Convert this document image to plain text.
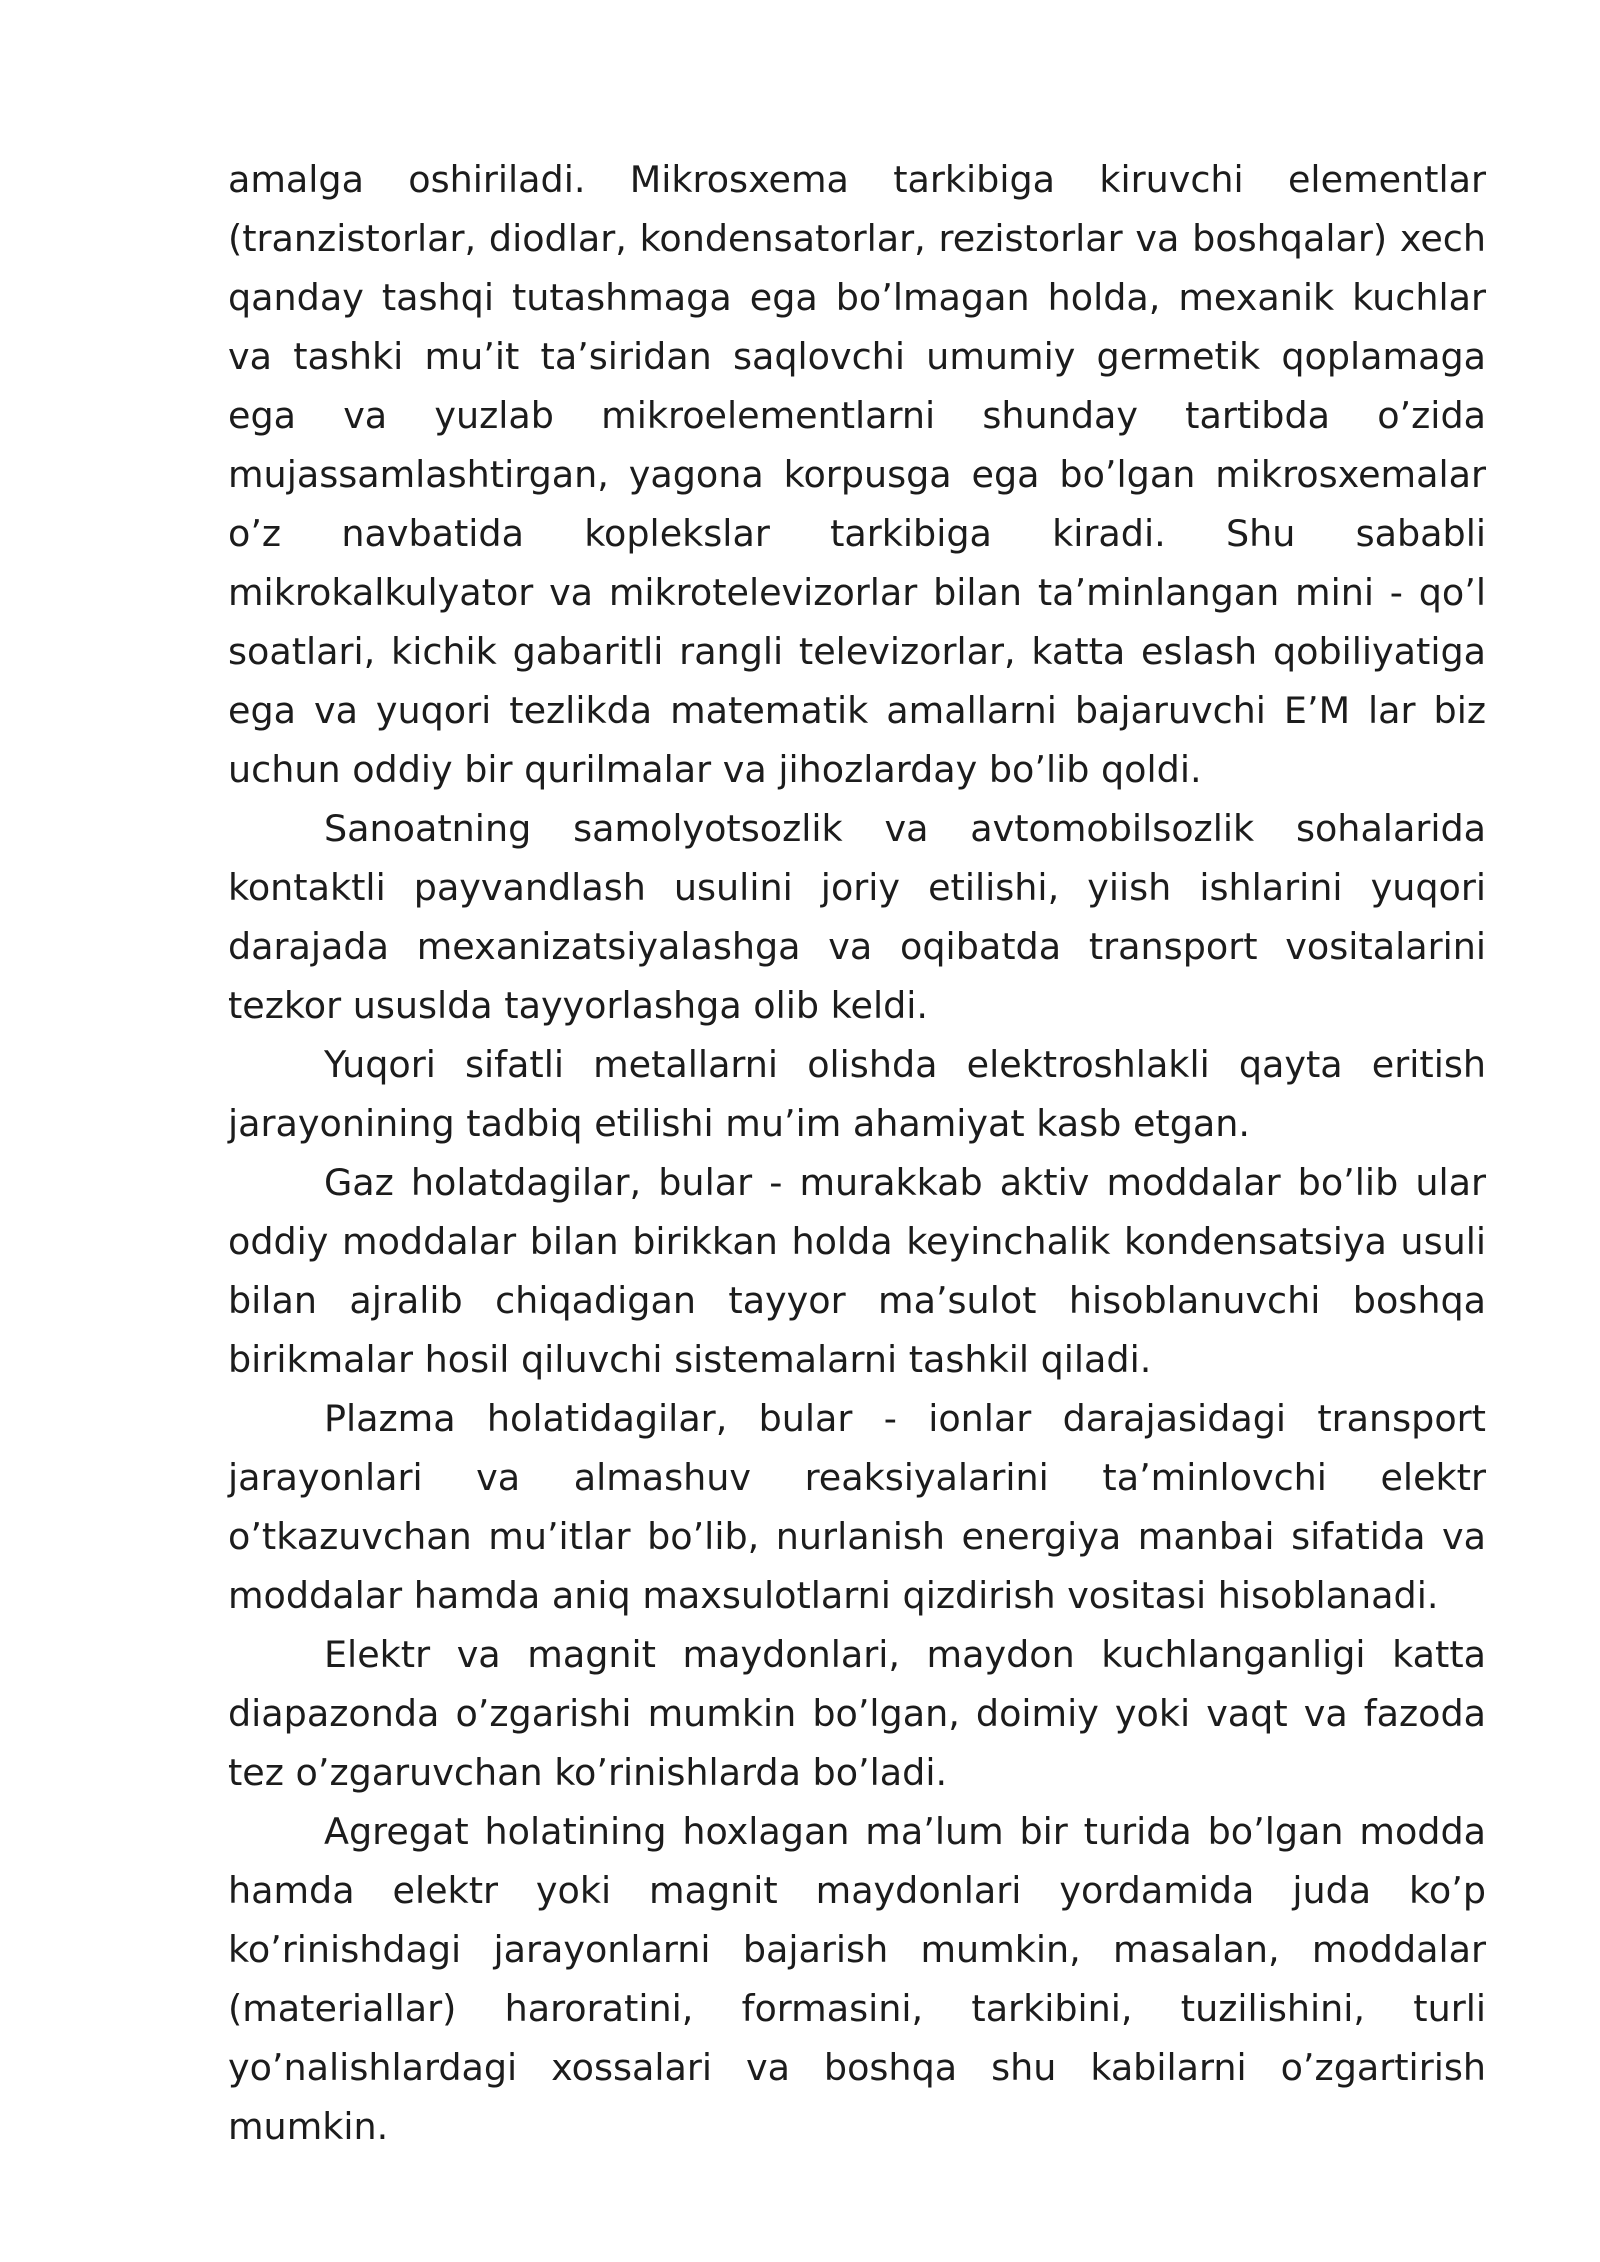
amalga oshiriladi. Mikrosxema tarkibiga kiruvchi elementlar (tranzistorlar, diodlar, kondensatorlar, rezistorlar va boshqalar) xech qanday tashqi tutashmaga ega bo’lmagan holda, mexanik kuchlar va tashki mu’it ta’siridan saqlovchi umumiy germetik qoplamaga ega va yuzlab mikroelementlarni shunday tartibda o’zida mujassamlashtirgan, yagona korpusga ega bo’lgan mikrosxemalar o’z navbatida koplekslar tarkibiga kiradi. Shu sababli mikrokalkulyator va mikrotelevizorlar bilan ta’minlangan mini - qo’l soatlari, kichik gabaritli rangli televizorlar, katta eslash qobiliyatiga ega va yuqori tezlikda matematik amallarni bajaruvchi E’M lar biz uchun oddiy bir qurilmalar va jihozlarday bo’lib qoldi.

Sanoatning samolyotsozlik va avtomobilsozlik sohalarida kontaktli payvandlash usulini joriy etilishi, yiish ishlarini yuqori darajada mexanizatsiyalashga va oqibatda transport vositalarini tezkor ususlda tayyorlashga olib keldi.

Yuqori sifatli metallarni olishda elektroshlakli qayta eritish jarayonining tadbiq etilishi mu’im ahamiyat kasb etgan.

Gaz holatdagilar, bular - murakkab aktiv moddalar bo’lib ular oddiy moddalar bilan birikkan holda keyinchalik kondensatsiya usuli bilan ajralib chiqadigan tayyor ma’sulot hisoblanuvchi boshqa birikmalar hosil qiluvchi sistemalarni tashkil qiladi.

Plazma holatidagilar, bular - ionlar darajasidagi transport jarayonlari va almashuv reaksiyalarini ta’minlovchi elektr o’tkazuvchan mu’itlar bo’lib, nurlanish energiya manbai sifatida va moddalar hamda aniq maxsulotlarni qizdirish vositasi hisoblanadi.

Elektr va magnit maydonlari, maydon kuchlanganligi katta diapazonda o’zgarishi mumkin bo’lgan, doimiy yoki vaqt va fazoda tez o’zgaruvchan ko’rinishlarda bo’ladi.

Agregat holatining hoxlagan ma’lum bir turida bo’lgan modda hamda elektr yoki magnit maydonlari yordamida juda ko’p ko’rinishdagi jarayonlarni bajarish mumkin, masalan, moddalar (materiallar) haroratini, formasini, tarkibini, tuzilishini, turli yo’nalishlardagi xossalari va boshqa shu kabilarni o’zgartirish mumkin.
